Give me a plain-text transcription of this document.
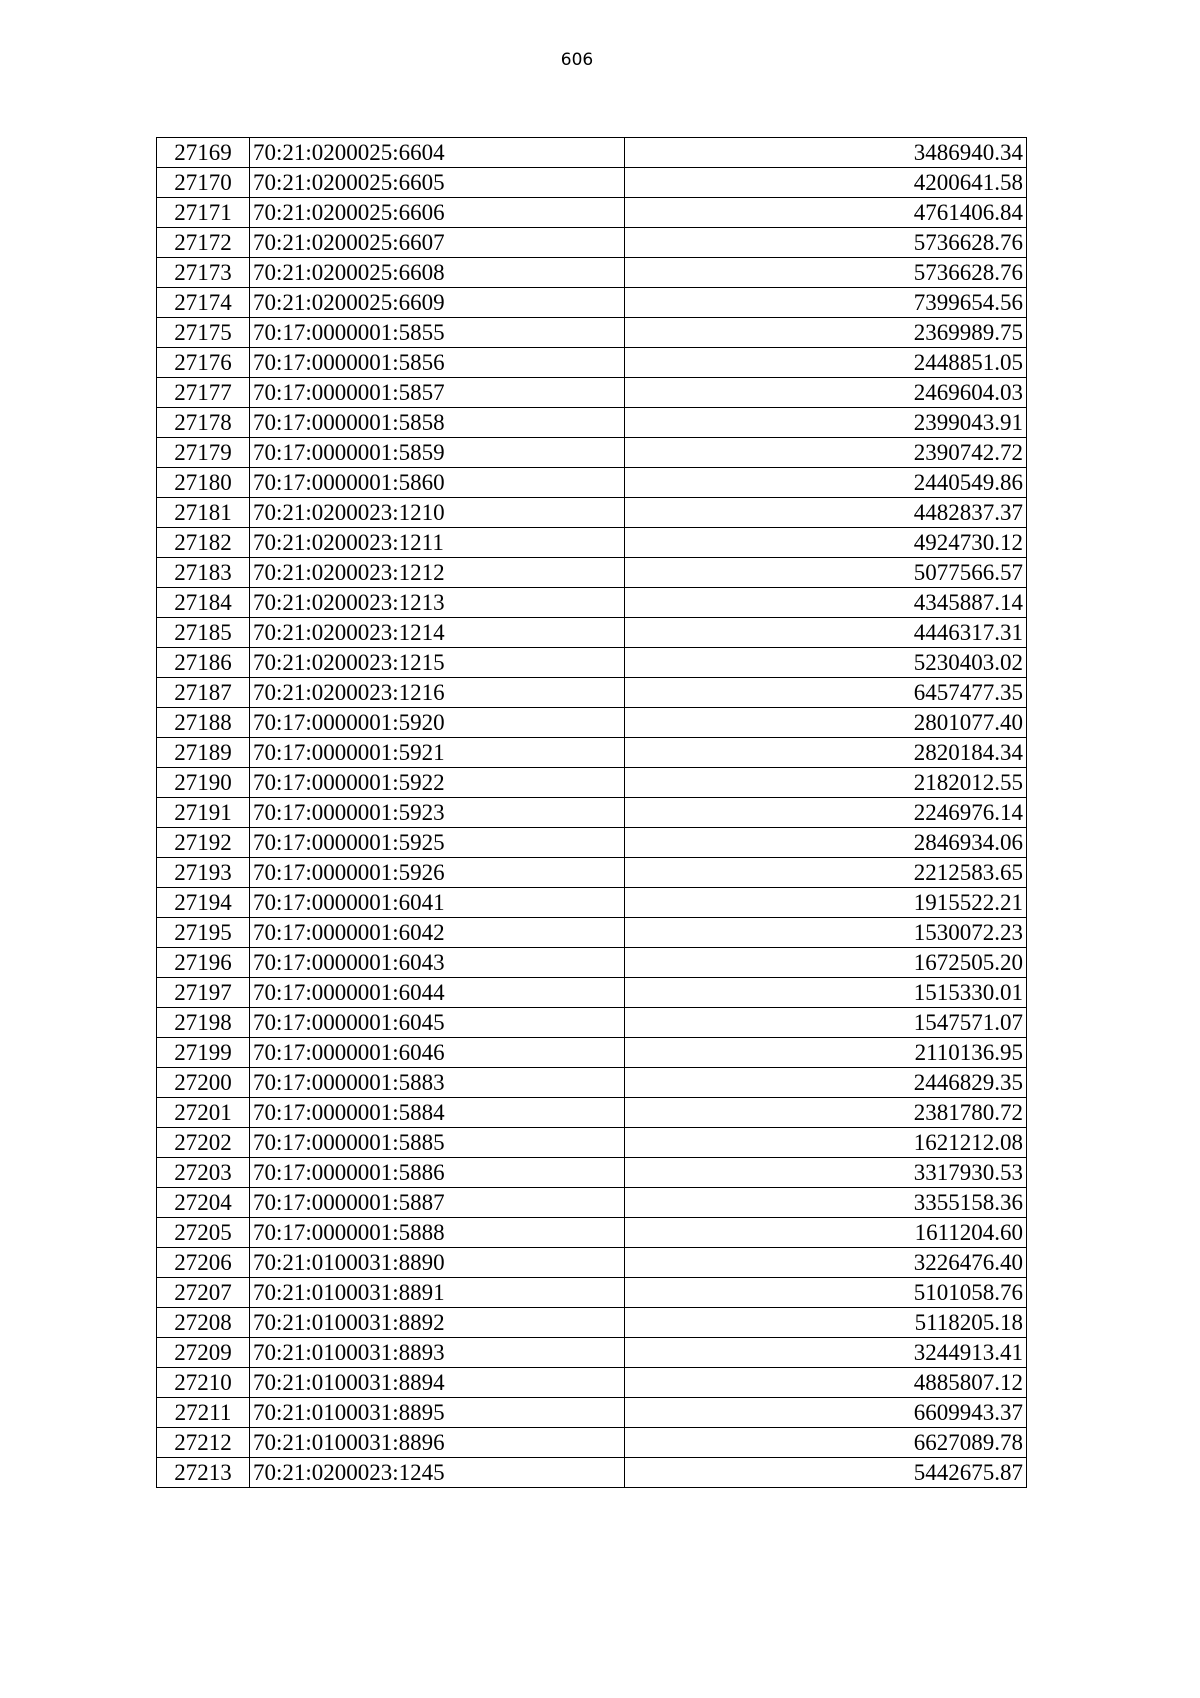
606
27169	70:21:0200025:6604	3486940.34
27170	70:21:0200025:6605	4200641.58
27171	70:21:0200025:6606	4761406.84
27172	70:21:0200025:6607	5736628.76
27173	70:21:0200025:6608	5736628.76
27174	70:21:0200025:6609	7399654.56
27175	70:17:0000001:5855	2369989.75
27176	70:17:0000001:5856	2448851.05
27177	70:17:0000001:5857	2469604.03
27178	70:17:0000001:5858	2399043.91
27179	70:17:0000001:5859	2390742.72
27180	70:17:0000001:5860	2440549.86
27181	70:21:0200023:1210	4482837.37
27182	70:21:0200023:1211	4924730.12
27183	70:21:0200023:1212	5077566.57
27184	70:21:0200023:1213	4345887.14
27185	70:21:0200023:1214	4446317.31
27186	70:21:0200023:1215	5230403.02
27187	70:21:0200023:1216	6457477.35
27188	70:17:0000001:5920	2801077.40
27189	70:17:0000001:5921	2820184.34
27190	70:17:0000001:5922	2182012.55
27191	70:17:0000001:5923	2246976.14
27192	70:17:0000001:5925	2846934.06
27193	70:17:0000001:5926	2212583.65
27194	70:17:0000001:6041	1915522.21
27195	70:17:0000001:6042	1530072.23
27196	70:17:0000001:6043	1672505.20
27197	70:17:0000001:6044	1515330.01
27198	70:17:0000001:6045	1547571.07
27199	70:17:0000001:6046	2110136.95
27200	70:17:0000001:5883	2446829.35
27201	70:17:0000001:5884	2381780.72
27202	70:17:0000001:5885	1621212.08
27203	70:17:0000001:5886	3317930.53
27204	70:17:0000001:5887	3355158.36
27205	70:17:0000001:5888	1611204.60
27206	70:21:0100031:8890	3226476.40
27207	70:21:0100031:8891	5101058.76
27208	70:21:0100031:8892	5118205.18
27209	70:21:0100031:8893	3244913.41
27210	70:21:0100031:8894	4885807.12
27211	70:21:0100031:8895	6609943.37
27212	70:21:0100031:8896	6627089.78
27213	70:21:0200023:1245	5442675.87
